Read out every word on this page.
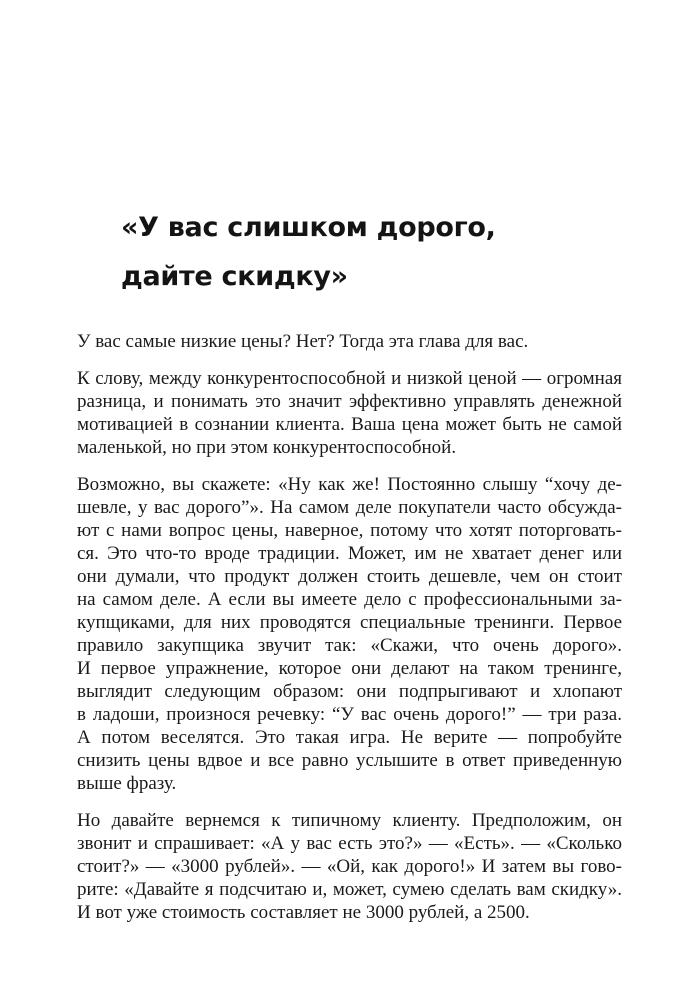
«У вас слишком дорого,
дайте скидку»

У вас самые низкие цены? Нет? Тогда эта глава для вас.

К слову, между конкурентоспособной и низкой ценой — огромная
разница, и понимать это значит эффективно управлять денежной
мотивацией в сознании клиента. Ваша цена может быть не самой
маленькой, но при этом конкурентоспособной.

Возможно, вы скажете: «Ну как же! Постоянно слышу “хочу де-
шевле, у вас дорого”». На самом деле покупатели часто обсужда-
ют с нами вопрос цены, наверное, потому что хотят поторговать-
ся. Это что-то вроде традиции. Может, им не хватает денег или
они думали, что продукт должен стоить дешевле, чем он стоит
на самом деле. А если вы имеете дело с профессиональными за-
купщиками, для них проводятся специальные тренинги. Первое
правило закупщика звучит так: «Скажи, что очень дорого».
И первое упражнение, которое они делают на таком тренинге,
выглядит следующим образом: они подпрыгивают и хлопают
в ладоши, произнося речевку: “У вас очень дорого!” — три раза.
А потом веселятся. Это такая игра. Не верите — попробуйте
снизить цены вдвое и все равно услышите в ответ приведенную
выше фразу.

Но давайте вернемся к типичному клиенту. Предположим, он
звонит и спрашивает: «А у вас есть это?» — «Есть». — «Сколько
стоит?» — «3000 рублей». — «Ой, как дорого!» И затем вы гово-
рите: «Давайте я подсчитаю и, может, сумею сделать вам скидку».
И вот уже стоимость составляет не 3000 рублей, а 2500.
